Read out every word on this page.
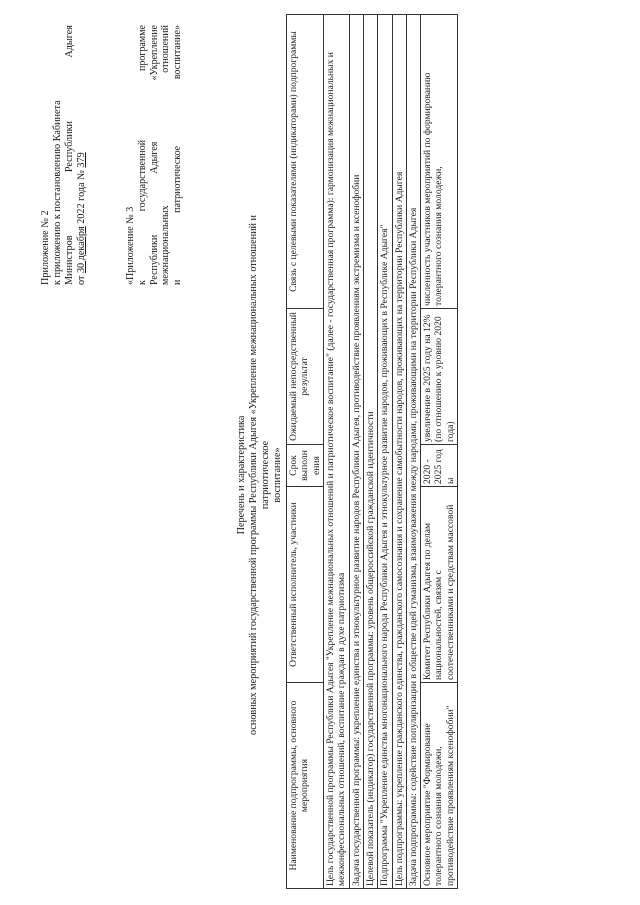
Приложение № 2 к приложению к постановлению Кабинета Министров
Республики
Адыгея
от 30 декабря 2022 года № 379
«Приложение № 3 к
государственной
программе
Республики
Адыгея
«Укрепление
межнациональных
отношений
и
патриотическое
воспитание»
Перечень и характеристика основных мероприятий государственной программы Республики Адыгея «Укрепление межнациональных отношений и патриотическое воспитание»
Наименование подпрограммы, основного мероприятия	Ответственный исполнитель, участники	Срок выполн ения	Ожидаемый непосредственный результат	Связь с целевыми показателями (индикаторами) подпрограммы
Цель государственной программы Республики Адыгея "Укрепление межнациональных отношений и патриотическое воспитание" (далее - государственная программа): гармонизация межнациональных и межконфессиональных отношений, воспитание граждан в духе патриотизма				
Задача государственной программы: укрепление единства и этнокультурное развитие народов Республики Адыгея, противодействие проявлениям экстремизма и ксенофобии				
Целевой показатель (индикатор) государственной программы: уровень общероссийской гражданской идентичности				
Подпрограмма "Укрепление единства многонационального народа Республики Адыгея и этнокультурное развитие народов, проживающих в Республике Адыгея"				
Цель подпрограммы: укрепление гражданского единства, гражданского самосознания и сохранение самобытности народов, проживающих на территории Республики Адыгея				
Задача подпрограммы: содействие популяризации в обществе идей гуманизма, взаимоуважения между народами, проживающими на территории Республики Адыгея				
Основное мероприятие "Формирование толерантного сознания молодежи, противодействие проявлениям ксенофобии"	Комитет Республики Адыгея по делам национальностей, связям с соотечественниками и средствам массовой	2020 - 2025 год ы	увеличение в 2025 году на 12% (по отношению к уровню 2020 года)	численность участников мероприятий по формированию толерантного сознания молодежи,
